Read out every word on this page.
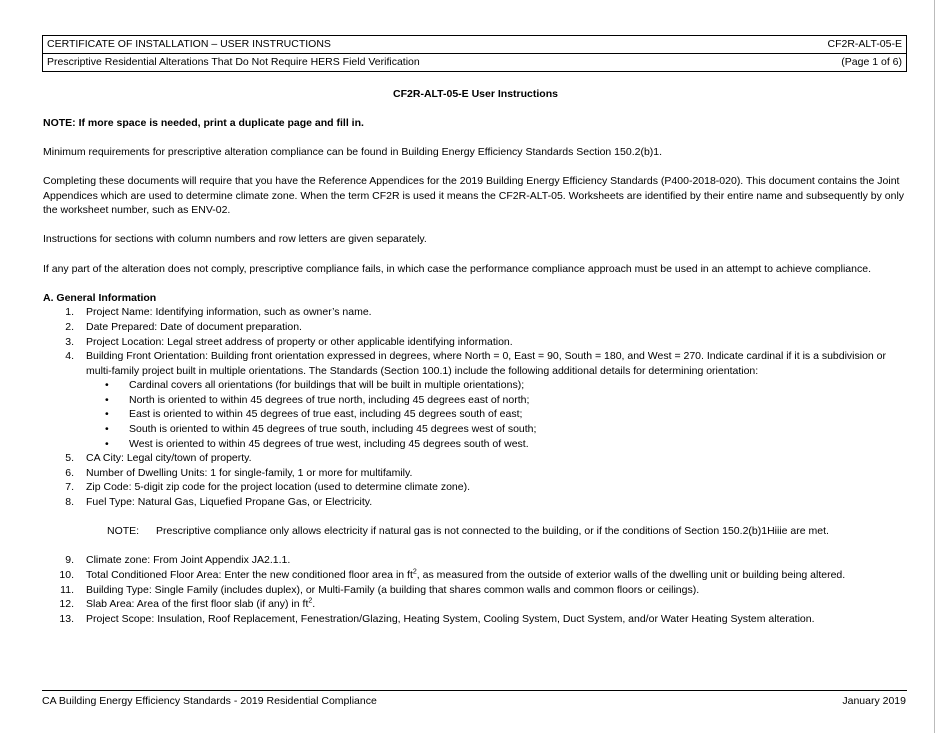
CERTIFICATE OF INSTALLATION – USER INSTRUCTIONS	CF2R-ALT-05-E
Prescriptive Residential Alterations That Do Not Require HERS Field Verification	(Page 1 of 6)

CF2R-ALT-05-E User Instructions

NOTE: If more space is needed, print a duplicate page and fill in.

Minimum requirements for prescriptive alteration compliance can be found in Building Energy Efficiency Standards Section 150.2(b)1.

Completing these documents will require that you have the Reference Appendices for the 2019 Building Energy Efficiency Standards (P400-2018-020). This document contains the Joint Appendices which are used to determine climate zone. When the term CF2R is used it means the CF2R-ALT-05. Worksheets are identified by their entire name and subsequently by only the worksheet number, such as ENV-02.

Instructions for sections with column numbers and row letters are given separately.

If any part of the alteration does not comply, prescriptive compliance fails, in which case the performance compliance approach must be used in an attempt to achieve compliance.

A. General Information

1. Project Name: Identifying information, such as owner’s name.
2. Date Prepared: Date of document preparation.
3. Project Location: Legal street address of property or other applicable identifying information.
4. Building Front Orientation: Building front orientation expressed in degrees, where North = 0, East = 90, South = 180, and West = 270. Indicate cardinal if it is a subdivision or multi-family project built in multiple orientations. The Standards (Section 100.1) include the following additional details for determining orientation:
• Cardinal covers all orientations (for buildings that will be built in multiple orientations);
• North is oriented to within 45 degrees of true north, including 45 degrees east of north;
• East is oriented to within 45 degrees of true east, including 45 degrees south of east;
• South is oriented to within 45 degrees of true south, including 45 degrees west of south;
• West is oriented to within 45 degrees of true west, including 45 degrees south of west.
5. CA City: Legal city/town of property.
6. Number of Dwelling Units: 1 for single-family, 1 or more for multifamily.
7. Zip Code: 5-digit zip code for the project location (used to determine climate zone).
8. Fuel Type: Natural Gas, Liquefied Propane Gas, or Electricity.

NOTE: Prescriptive compliance only allows electricity if natural gas is not connected to the building, or if the conditions of Section 150.2(b)1Hiiie are met.

9. Climate zone: From Joint Appendix JA2.1.1.
10. Total Conditioned Floor Area: Enter the new conditioned floor area in $ft^2$, as measured from the outside of exterior walls of the dwelling unit or building being altered.
11. Building Type: Single Family (includes duplex), or Multi-Family (a building that shares common walls and common floors or ceilings).
12. Slab Area: Area of the first floor slab (if any) in $ft^2$.
13. Project Scope: Insulation, Roof Replacement, Fenestration/Glazing, Heating System, Cooling System, Duct System, and/or Water Heating System alteration.
CA Building Energy Efficiency Standards - 2019 Residential Compliance	January 2019
